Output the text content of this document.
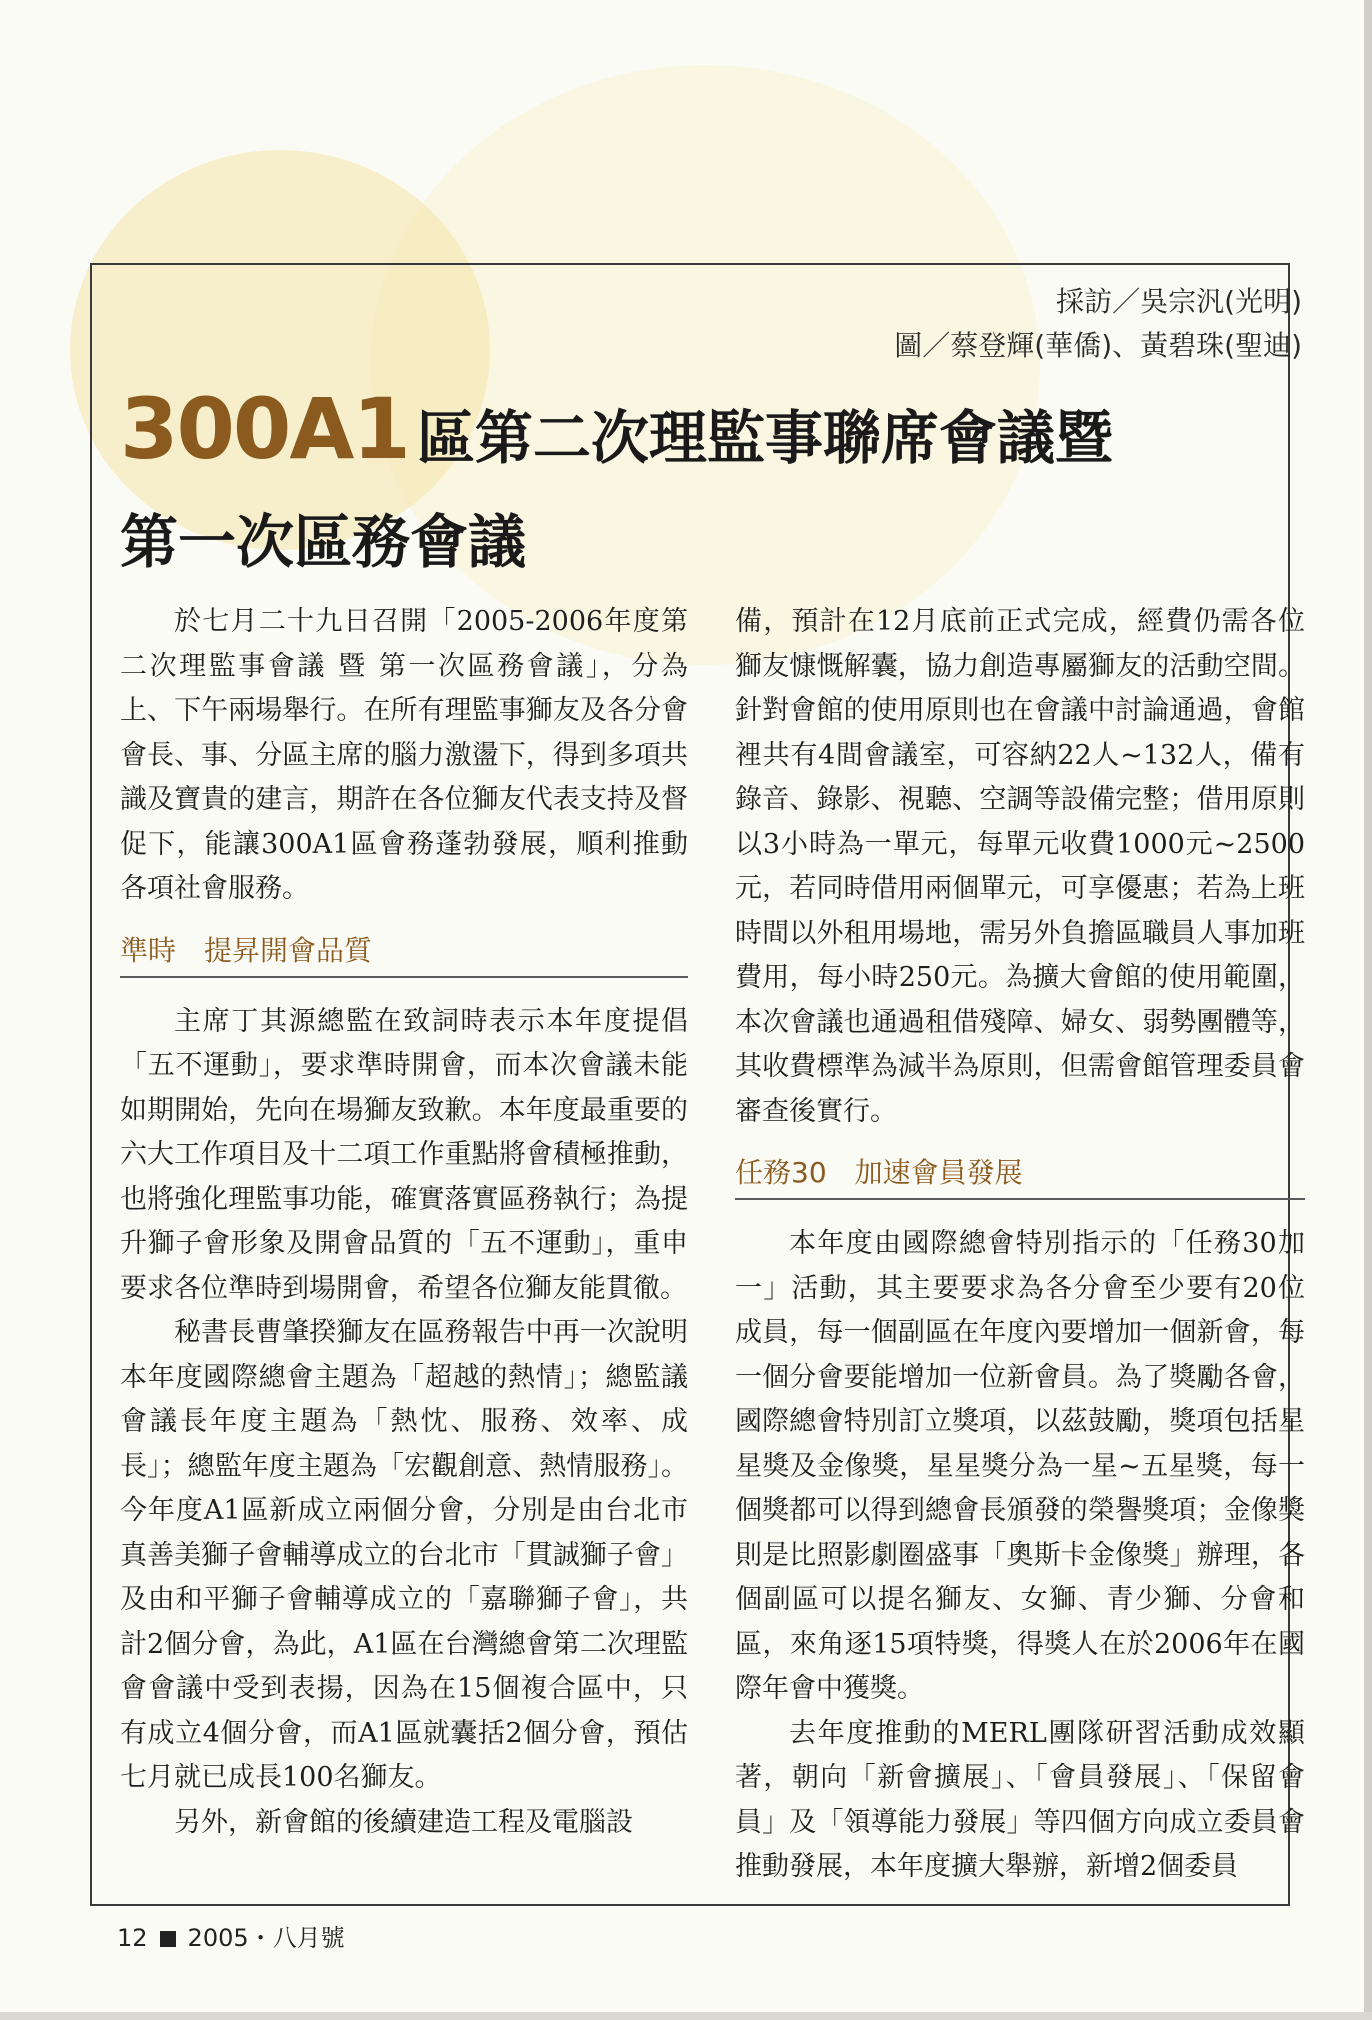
採訪／吳宗汎(光明)
圖／蔡登輝(華僑)、黃碧珠(聖迪)
300A1 區第二次理監事聯席會議暨
第一次區務會議

於七月二十九日召開「2005-2006年度第二次理監事會議 暨 第一次區務會議」，分為上、下午兩場舉行。在所有理監事獅友及各分會會長、事、分區主席的腦力激盪下，得到多項共識及寶貴的建言，期許在各位獅友代表支持及督促下，能讓300A1區會務蓬勃發展，順利推動各項社會服務。

準時 提昇開會品質

主席丁其源總監在致詞時表示本年度提倡「五不運動」，要求準時開會，而本次會議未能如期開始，先向在場獅友致歉。本年度最重要的六大工作項目及十二項工作重點將會積極推動，也將強化理監事功能，確實落實區務執行；為提升獅子會形象及開會品質的「五不運動」，重申要求各位準時到場開會，希望各位獅友能貫徹。

秘書長曹肇揆獅友在區務報告中再一次說明本年度國際總會主題為「超越的熱情」；總監議會議長年度主題為「熱忱、服務、效率、成長」；總監年度主題為「宏觀創意、熱情服務」。今年度A1區新成立兩個分會，分別是由台北市真善美獅子會輔導成立的台北市「貫誠獅子會」及由和平獅子會輔導成立的「嘉聯獅子會」，共計2個分會，為此，A1區在台灣總會第二次理監會會議中受到表揚，因為在15個複合區中，只有成立4個分會，而A1區就囊括2個分會，預估七月就已成長100名獅友。

另外，新會館的後續建造工程及電腦設

備，預計在12月底前正式完成，經費仍需各位獅友慷慨解囊，協力創造專屬獅友的活動空間。針對會館的使用原則也在會議中討論通過，會館裡共有4間會議室，可容納22人~132人，備有錄音、錄影、視聽、空調等設備完整；借用原則以3小時為一單元，每單元收費1000元~2500元，若同時借用兩個單元，可享優惠；若為上班時間以外租用場地，需另外負擔區職員人事加班費用，每小時250元。為擴大會館的使用範圍，本次會議也通過租借殘障、婦女、弱勢團體等，其收費標準為減半為原則，但需會館管理委員會審查後實行。

任務30 加速會員發展

本年度由國際總會特別指示的「任務30加一」活動，其主要要求為各分會至少要有20位成員，每一個副區在年度內要增加一個新會，每一個分會要能增加一位新會員。為了獎勵各會，國際總會特別訂立獎項，以茲鼓勵，獎項包括星星獎及金像獎，星星獎分為一星~五星獎，每一個獎都可以得到總會長頒發的榮譽獎項；金像獎則是比照影劇圈盛事「奧斯卡金像獎」辦理，各個副區可以提名獅友、女獅、青少獅、分會和區，來角逐15項特獎，得獎人在於2006年在國際年會中獲獎。

去年度推動的MERL團隊研習活動成效顯著，朝向「新會擴展」、「會員發展」、「保留會員」及「領導能力發展」等四個方向成立委員會推動發展，本年度擴大舉辦，新增2個委員

12 2005・八月號
